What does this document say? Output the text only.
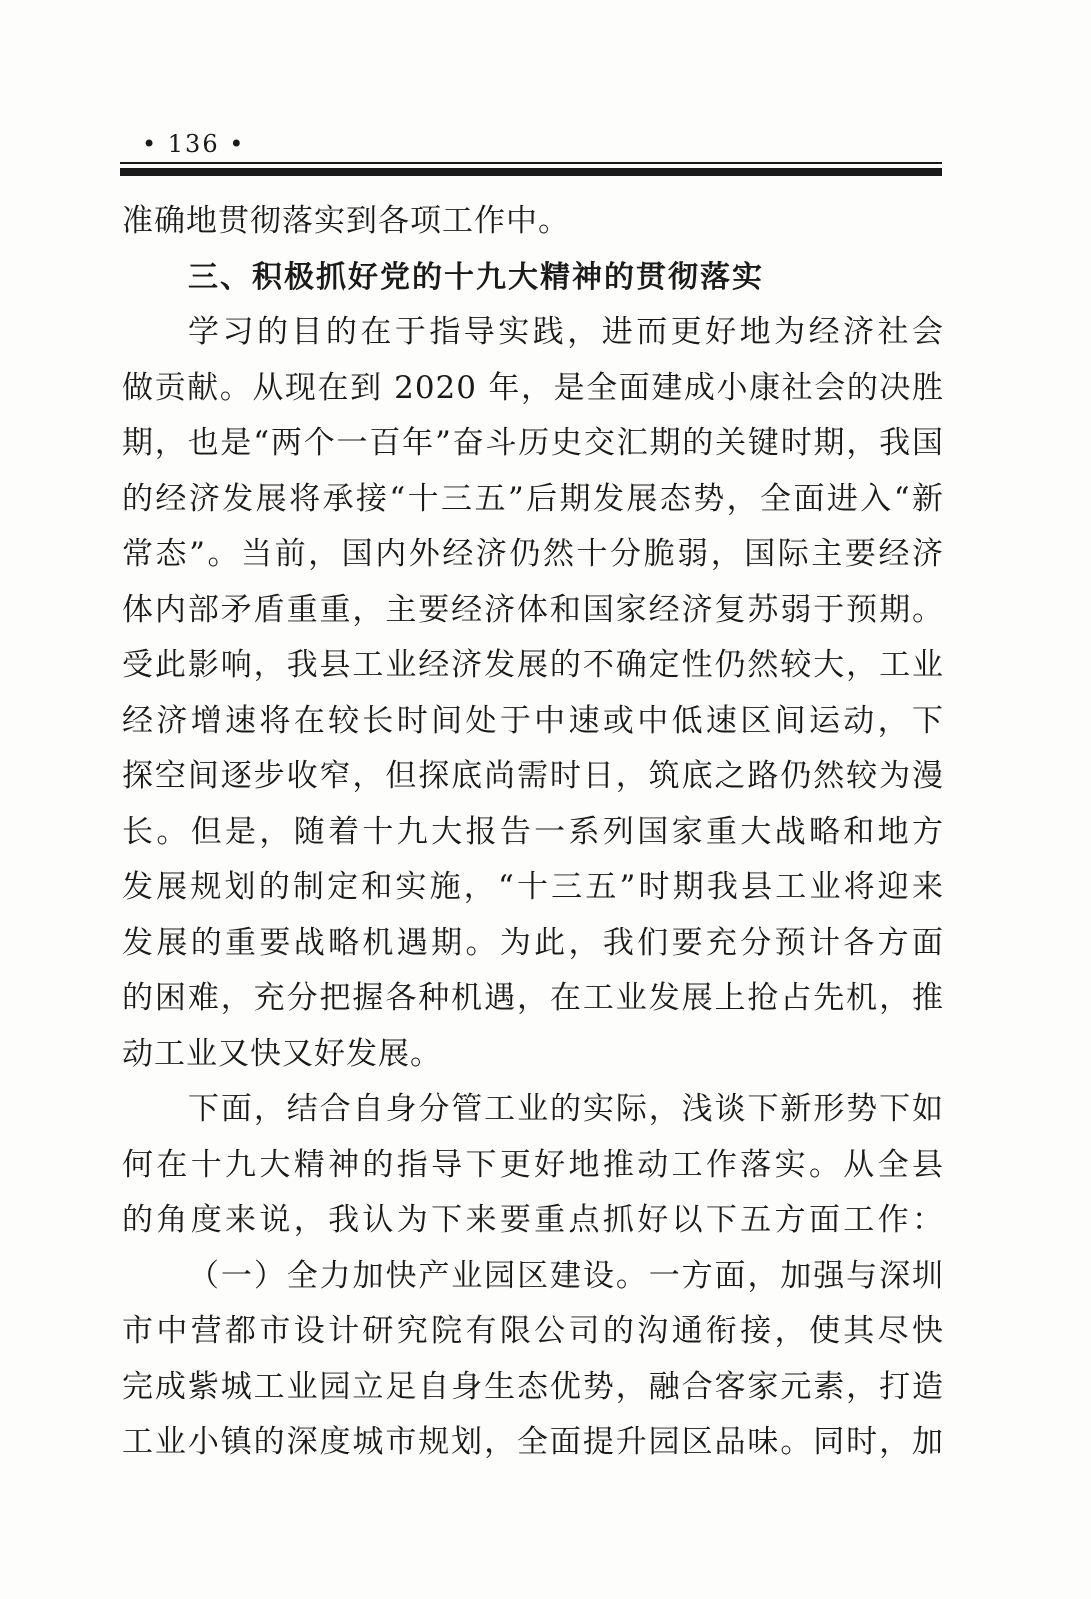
• 136 •
准确地贯彻落实到各项工作中。
三、积极抓好党的十九大精神的贯彻落实
学习的目的在于指导实践，进而更好地为经济社会
做贡献。从现在到 2020 年，是全面建成小康社会的决胜
期，也是“两个一百年”奋斗历史交汇期的关键时期，我国
的经济发展将承接“十三五”后期发展态势，全面进入“新
常态”。当前，国内外经济仍然十分脆弱，国际主要经济
体内部矛盾重重，主要经济体和国家经济复苏弱于预期。
受此影响，我县工业经济发展的不确定性仍然较大，工业
经济增速将在较长时间处于中速或中低速区间运动，下
探空间逐步收窄，但探底尚需时日，筑底之路仍然较为漫
长。但是，随着十九大报告一系列国家重大战略和地方
发展规划的制定和实施，“十三五”时期我县工业将迎来
发展的重要战略机遇期。为此，我们要充分预计各方面
的困难，充分把握各种机遇，在工业发展上抢占先机，推
动工业又快又好发展。
下面，结合自身分管工业的实际，浅谈下新形势下如
何在十九大精神的指导下更好地推动工作落实。从全县
的角度来说，我认为下来要重点抓好以下五方面工作：
（一）全力加快产业园区建设。一方面，加强与深圳
市中营都市设计研究院有限公司的沟通衔接，使其尽快
完成紫城工业园立足自身生态优势，融合客家元素，打造
工业小镇的深度城市规划，全面提升园区品味。同时，加
